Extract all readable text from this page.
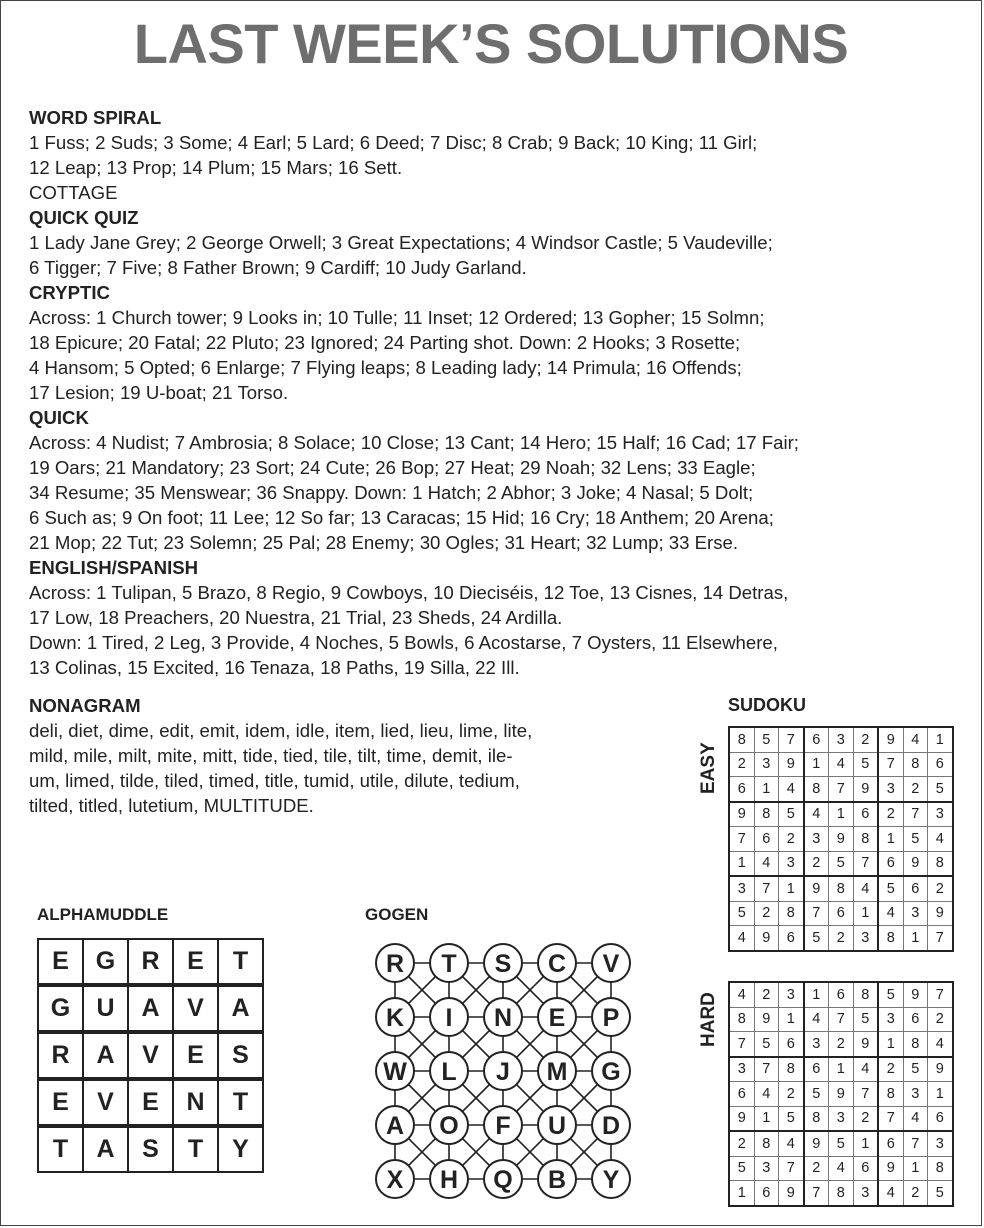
LAST WEEK’S SOLUTIONS
WORD SPIRAL

1 Fuss; 2 Suds; 3 Some; 4 Earl; 5 Lard; 6 Deed; 7 Disc; 8 Crab; 9 Back; 10 King; 11 Girl;

12 Leap; 13 Prop; 14 Plum; 15 Mars; 16 Sett.

COTTAGE

QUICK QUIZ

1 Lady Jane Grey; 2 George Orwell; 3 Great Expectations; 4 Windsor Castle; 5 Vaudeville;

6 Tigger; 7 Five; 8 Father Brown; 9 Cardiff; 10 Judy Garland.

CRYPTIC

Across: 1 Church tower; 9 Looks in; 10 Tulle; 11 Inset; 12 Ordered; 13 Gopher; 15 Solmn;

18 Epicure; 20 Fatal; 22 Pluto; 23 Ignored; 24 Parting shot. Down: 2 Hooks; 3 Rosette;

4 Hansom; 5 Opted; 6 Enlarge; 7 Flying leaps; 8 Leading lady; 14 Primula; 16 Offends;

17 Lesion; 19 U-boat; 21 Torso.

QUICK

Across: 4 Nudist; 7 Ambrosia; 8 Solace; 10 Close; 13 Cant; 14 Hero; 15 Half; 16 Cad; 17 Fair;

19 Oars; 21 Mandatory; 23 Sort; 24 Cute; 26 Bop; 27 Heat; 29 Noah; 32 Lens; 33 Eagle;

34 Resume; 35 Menswear; 36 Snappy. Down: 1 Hatch; 2 Abhor; 3 Joke; 4 Nasal; 5 Dolt;

6 Such as; 9 On foot; 11 Lee; 12 So far; 13 Caracas; 15 Hid; 16 Cry; 18 Anthem; 20 Arena;

21 Mop; 22 Tut; 23 Solemn; 25 Pal; 28 Enemy; 30 Ogles; 31 Heart; 32 Lump; 33 Erse.

ENGLISH/SPANISH

Across: 1 Tulipan, 5 Brazo, 8 Regio, 9 Cowboys, 10 Dieciséis, 12 Toe, 13 Cisnes, 14 Detras,

17 Low, 18 Preachers, 20 Nuestra, 21 Trial, 23 Sheds, 24 Ardilla.

Down: 1 Tired, 2 Leg, 3 Provide, 4 Noches, 5 Bowls, 6 Acostarse, 7 Oysters, 11 Elsewhere,

13 Colinas, 15 Excited, 16 Tenaza, 18 Paths, 19 Silla, 22 Ill.

NONAGRAM

deli, diet, dime, edit, emit, idem, idle, item, lied, lieu, lime, lite,

mild, mile, milt, mite, mitt, tide, tied, tile, tilt, time, demit, ile-

um, limed, tilde, tiled, timed, title, tumid, utile, dilute, tedium,

tilted, titled, lutetium, MULTITUDE.

ALPHAMUDDLE
E	G	R	E	T

G	U	A	V	A

R	A	V	E	S

E	V	E	N	T

T	A	S	T	Y
GOGEN
R T S C V
K I N E P
W L J M G
A O F U D
X H Q B Y
SUDOKU
EASY
8	5	7	6	3	2	9	4	1
2	3	9	1	4	5	7	8	6
6	1	4	8	7	9	3	2	5
9	8	5	4	1	6	2	7	3
7	6	2	3	9	8	1	5	4
1	4	3	2	5	7	6	9	8
3	7	1	9	8	4	5	6	2
5	2	8	7	6	1	4	3	9
4	9	6	5	2	3	8	1	7
HARD 4	2	3	1	6	8	5	9	7
8	9	1	4	7	5	3	6	2
7	5	6	3	2	9	1	8	4
3	7	8	6	1	4	2	5	9
6	4	2	5	9	7	8	3	1
9	1	5	8	3	2	7	4	6
2	8	4	9	5	1	6	7	3
5	3	7	2	4	6	9	1	8
1	6	9	7	8	3	4	2	5
